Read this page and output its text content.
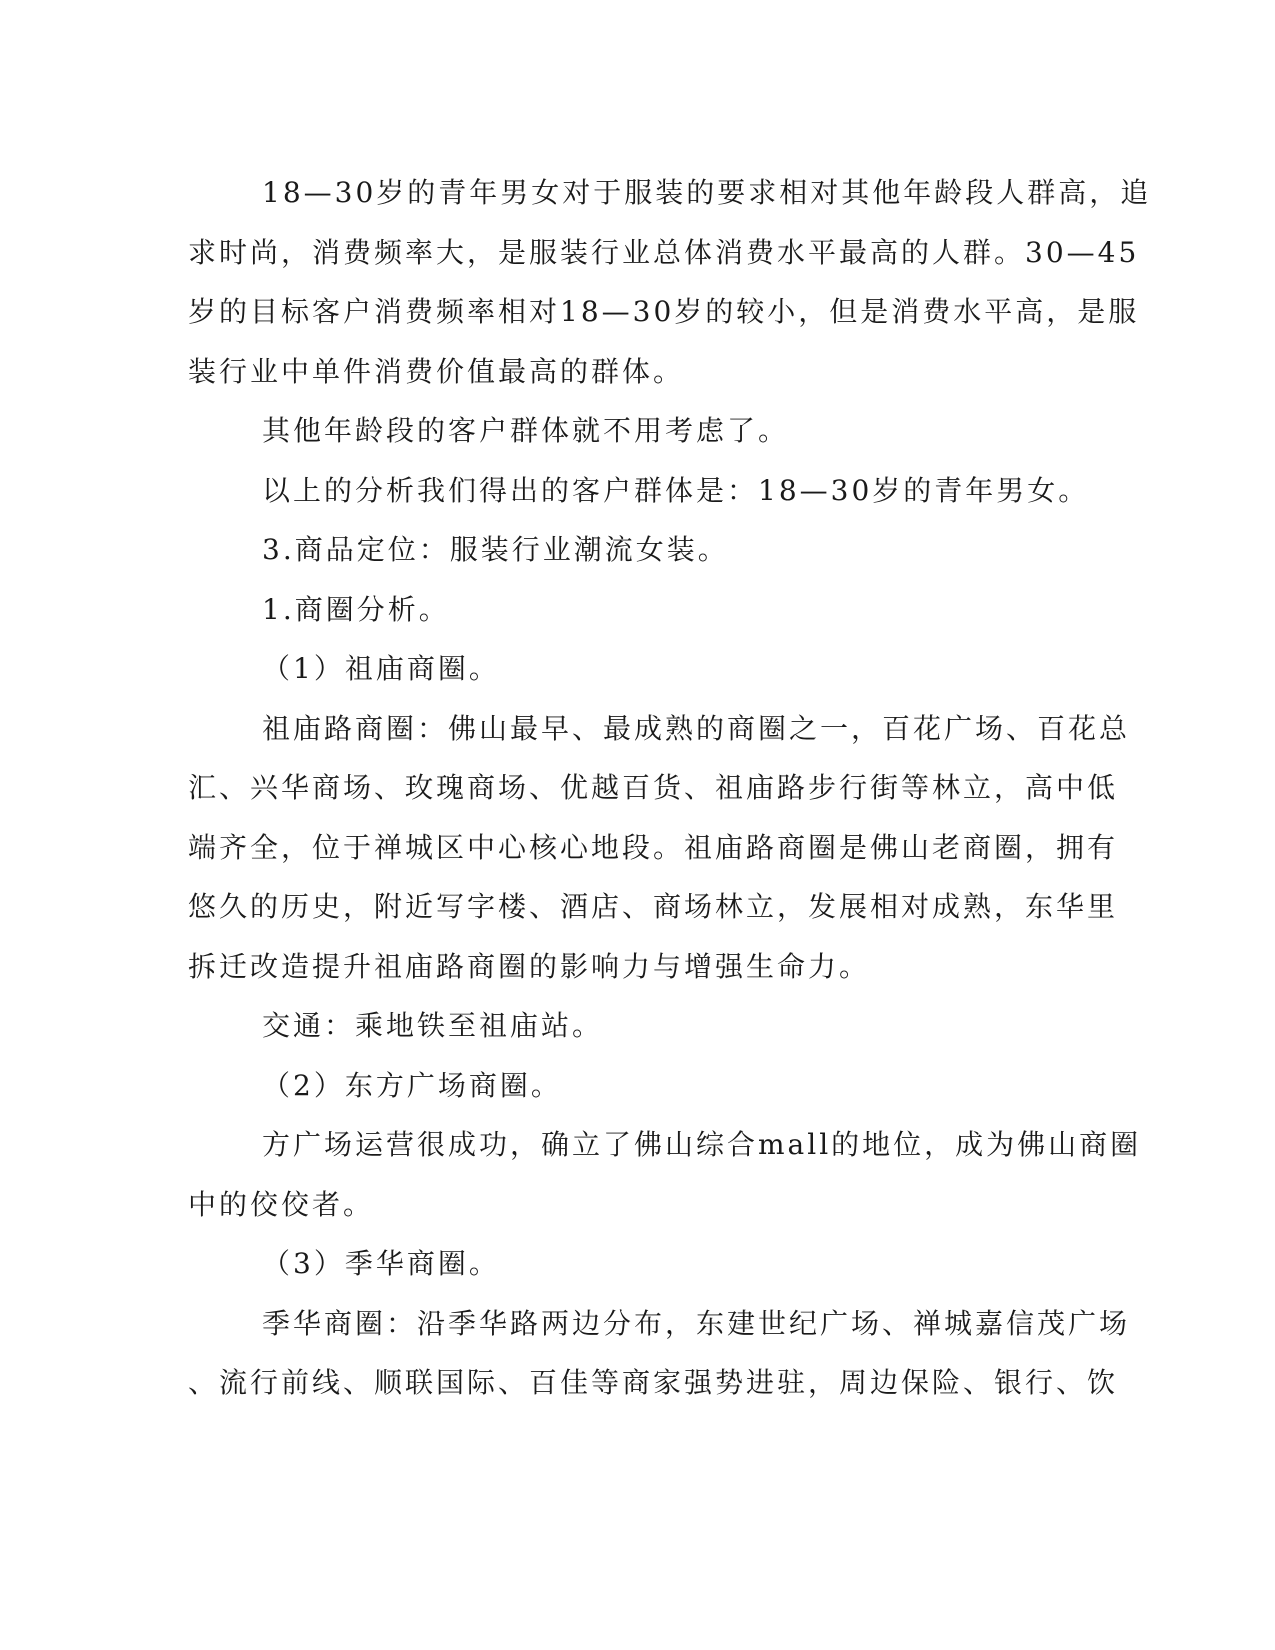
18—30岁的青年男女对于服装的要求相对其他年龄段人群高，追
求时尚，消费频率大，是服装行业总体消费水平最高的人群。30—45
岁的目标客户消费频率相对18—30岁的较小，但是消费水平高，是服
装行业中单件消费价值最高的群体。

其他年龄段的客户群体就不用考虑了。

以上的分析我们得出的客户群体是：18—30岁的青年男女。

3.商品定位：服装行业潮流女装。

1.商圈分析。

（1）祖庙商圈。

祖庙路商圈：佛山最早、最成熟的商圈之一，百花广场、百花总
汇、兴华商场、玫瑰商场、优越百货、祖庙路步行街等林立，高中低
端齐全，位于禅城区中心核心地段。祖庙路商圈是佛山老商圈，拥有
悠久的历史，附近写字楼、酒店、商场林立，发展相对成熟，东华里
拆迁改造提升祖庙路商圈的影响力与增强生命力。

交通：乘地铁至祖庙站。

（2）东方广场商圈。

方广场运营很成功，确立了佛山综合mall的地位，成为佛山商圈
中的佼佼者。

（3）季华商圈。

季华商圈：沿季华路两边分布，东建世纪广场、禅城嘉信茂广场
、流行前线、顺联国际、百佳等商家强势进驻，周边保险、银行、饮
